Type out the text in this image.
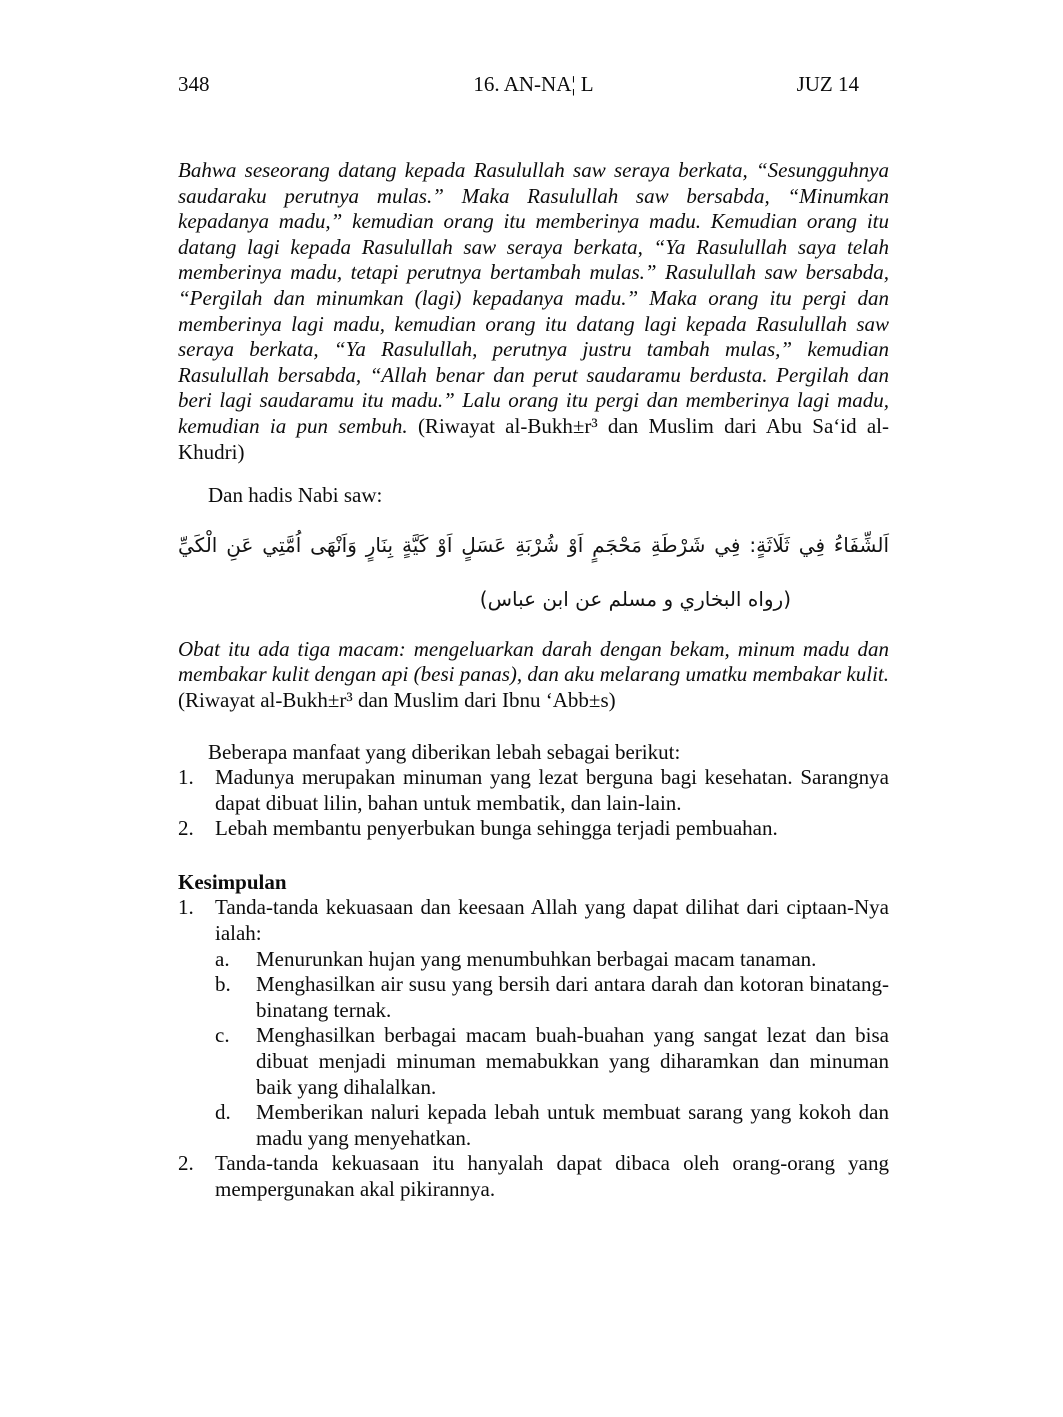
348	16. AN-NA¦ L	JUZ 14

Bahwa seseorang datang kepada Rasulullah saw seraya berkata, “Sesungguhnya saudaraku perutnya mulas.” Maka Rasulullah saw bersabda, “Minumkan kepadanya madu,” kemudian orang itu memberinya madu. Kemudian orang itu datang lagi kepada Rasulullah saw seraya berkata, “Ya Rasulullah saya telah memberinya madu, tetapi perutnya bertambah mulas.” Rasulullah saw bersabda, “Pergilah dan minumkan (lagi) kepadanya madu.” Maka orang itu pergi dan memberinya lagi madu, kemudian orang itu datang lagi kepada Rasulullah saw seraya berkata, “Ya Rasulullah, perutnya justru tambah mulas,” kemudian Rasulullah bersabda, “Allah benar dan perut saudaramu berdusta. Pergilah dan beri lagi saudaramu itu madu.” Lalu orang itu pergi dan memberinya lagi madu, kemudian ia pun sembuh. (Riwayat al-Bukh±r³ dan Muslim dari Abu Sa‘id al-Khudri)

Dan hadis Nabi saw:

اَلشِّفَاءُ فِي ثَلَاثَةٍ: فِي شَرْطَةِ مَحْجَمٍ اَوْ شُرْبَةِ عَسَلٍ اَوْ كَيَّةٍ بِنَارٍ وَاَنْهَى اُمَّتِي عَنِ الْكَيِّ
(رواه البخاري و مسلم عن ابن عباس)

Obat itu ada tiga macam: mengeluarkan darah dengan bekam, minum madu dan membakar kulit dengan api (besi panas), dan aku melarang umatku membakar kulit. (Riwayat al-Bukh±r³ dan Muslim dari Ibnu ‘Abb±s)

Beberapa manfaat yang diberikan lebah sebagai berikut:

1.	Madunya merupakan minuman yang lezat berguna bagi kesehatan. Sarangnya dapat dibuat lilin, bahan untuk membatik, dan lain-lain.
2.	Lebah membantu penyerbukan bunga sehingga terjadi pembuahan.
Kesimpulan
1.	Tanda-tanda kekuasaan dan keesaan Allah yang dapat dilihat dari ciptaan-Nya ialah:
a.	Menurunkan hujan yang menumbuhkan berbagai macam tanaman.
b.	Menghasilkan air susu yang bersih dari antara darah dan kotoran binatang-binatang ternak.
c.	Menghasilkan berbagai macam buah-buahan yang sangat lezat dan bisa dibuat menjadi minuman memabukkan yang diharamkan dan minuman baik yang dihalalkan.
d.	Memberikan naluri kepada lebah untuk membuat sarang yang kokoh dan madu yang menyehatkan.
2.	Tanda-tanda kekuasaan itu hanyalah dapat dibaca oleh orang-orang yang mempergunakan akal pikirannya.
